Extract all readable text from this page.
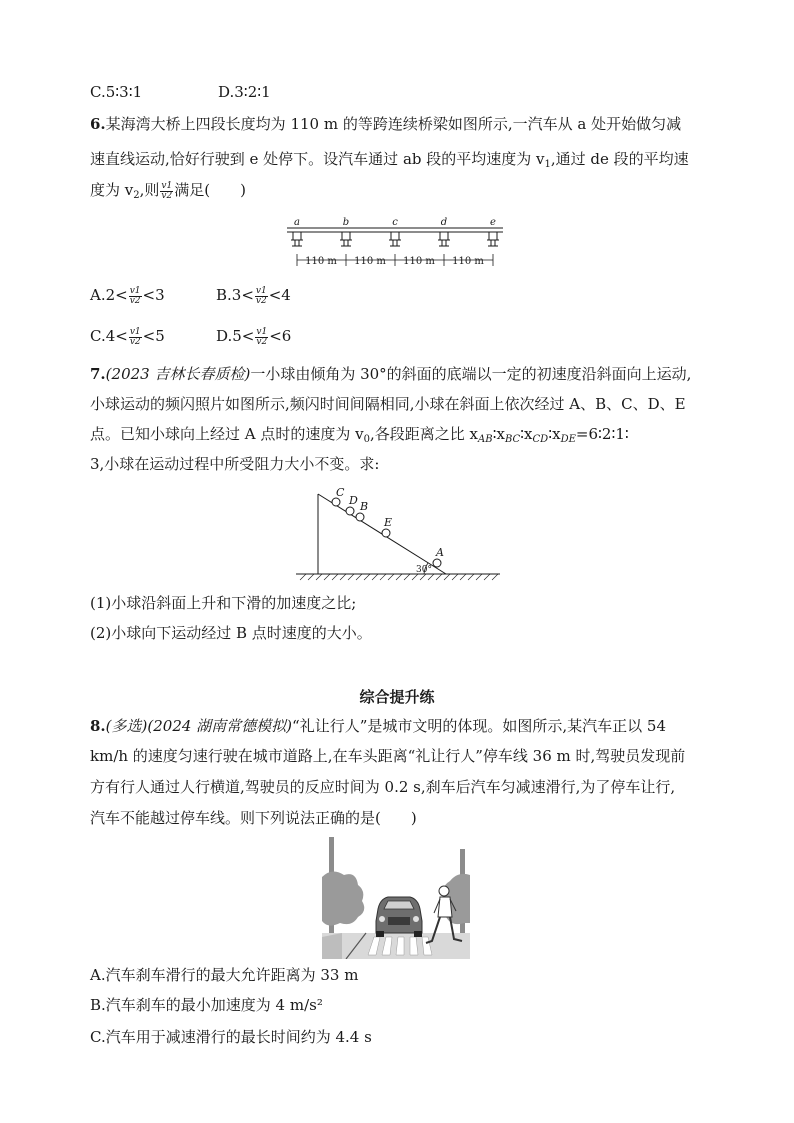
C.5∶3∶1	D.3∶2∶1
6.某海湾大桥上四段长度均为 110 m 的等跨连续桥梁如图所示,一汽车从 a 处开始做匀减
速直线运动,恰好行驶到 e 处停下。设汽车通过 ab 段的平均速度为 $v_1$,通过 de 段的平均速
度为 $v_2$,则 $\frac{v1}{v2}$ 满足(　　)
a	b	c	d	e
110 m 110 m 110 m 110 m
$A.2< \frac{v1}{v2} <3$	$B.3< \frac{v1}{v2} <4$
$C.4< \frac{v1}{v2} <5$	$D.5< \frac{v1}{v2} <6$
7.(2023 吉林长春质检)一小球由倾角为 30°的斜面的底端以一定的初速度沿斜面向上运动,
小球运动的频闪照片如图所示,频闪时间间隔相同,小球在斜面上依次经过 A、B、C、D、E
点。已知小球向上经过 A 点时的速度为 $v_0$,各段距离之比 $x_{AB}∶x_{BC}∶x_{CD}∶x_{DE}=6∶2∶1∶$
3,小球在运动过程中所受阻力大小不变。求:
C
D B
E
A
30°
(1)小球沿斜面上升和下滑的加速度之比;
(2)小球向下运动经过 B 点时速度的大小。
综合提升练
8.(多选)(2024 湖南常德模拟)“礼让行人”是城市文明的体现。如图所示,某汽车正以 54
km/h 的速度匀速行驶在城市道路上,在车头距离“礼让行人”停车线 36 m 时,驾驶员发现前
方有行人通过人行横道,驾驶员的反应时间为 0.2 s,刹车后汽车匀减速滑行,为了停车让行,
汽车不能越过停车线。则下列说法正确的是(　　)
A.汽车刹车滑行的最大允许距离为 33 m
B.汽车刹车的最小加速度为 4 m/s²
C.汽车用于减速滑行的最长时间约为 4.4 s
